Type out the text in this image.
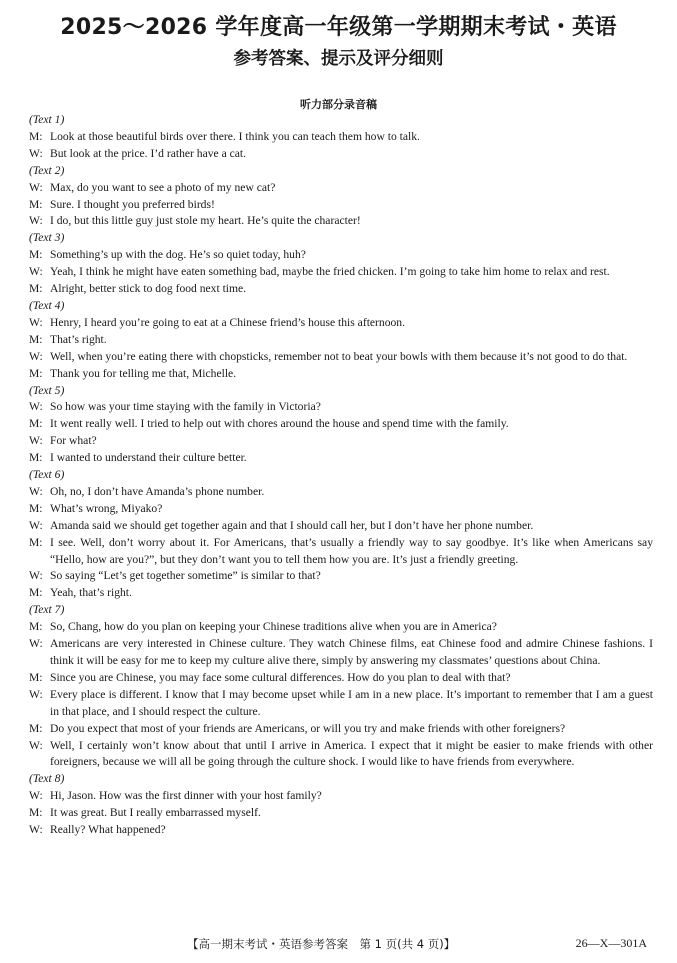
2025～2026 学年度高一年级第一学期期末考试・英语
参考答案、提示及评分细则
听力部分录音稿
(Text 1)
M: Look at those beautiful birds over there. I think you can teach them how to talk.
W: But look at the price. I’d rather have a cat.
(Text 2)
W: Max, do you want to see a photo of my new cat?
M: Sure. I thought you preferred birds!
W: I do, but this little guy just stole my heart. He’s quite the character!
(Text 3)
M: Something’s up with the dog. He’s so quiet today, huh?
W: Yeah, I think he might have eaten something bad, maybe the fried chicken. I’m going to take him home to relax and rest.
M: Alright, better stick to dog food next time.
(Text 4)
W: Henry, I heard you’re going to eat at a Chinese friend’s house this afternoon.
M: That’s right.
W: Well, when you’re eating there with chopsticks, remember not to beat your bowls with them because it’s not good to do that.
M: Thank you for telling me that, Michelle.
(Text 5)
W: So how was your time staying with the family in Victoria?
M: It went really well. I tried to help out with chores around the house and spend time with the family.
W: For what?
M: I wanted to understand their culture better.
(Text 6)
W: Oh, no, I don’t have Amanda’s phone number.
M: What’s wrong, Miyako?
W: Amanda said we should get together again and that I should call her, but I don’t have her phone number.
M: I see. Well, don’t worry about it. For Americans, that’s usually a friendly way to say goodbye. It’s like when Americans say “Hello, how are you?”, but they don’t want you to tell them how you are. It’s just a friendly greeting.
W: So saying “Let’s get together sometime” is similar to that?
M: Yeah, that’s right.
(Text 7)
M: So, Chang, how do you plan on keeping your Chinese traditions alive when you are in America?
W: Americans are very interested in Chinese culture. They watch Chinese films, eat Chinese food and admire Chinese fashions. I think it will be easy for me to keep my culture alive there, simply by answering my classmates’ questions about China.
M: Since you are Chinese, you may face some cultural differences. How do you plan to deal with that?
W: Every place is different. I know that I may become upset while I am in a new place. It’s important to remember that I am a guest in that place, and I should respect the culture.
M: Do you expect that most of your friends are Americans, or will you try and make friends with other foreigners?
W: Well, I certainly won’t know about that until I arrive in America. I expect that it might be easier to make friends with other foreigners, because we will all be going through the culture shock. I would like to have friends from everywhere.
(Text 8)
W: Hi, Jason. How was the first dinner with your host family?
M: It was great. But I really embarrassed myself.
W: Really? What happened?
【高一期末考试・英语参考答案　第 1 页(共 4 页)】	26—X—301A
